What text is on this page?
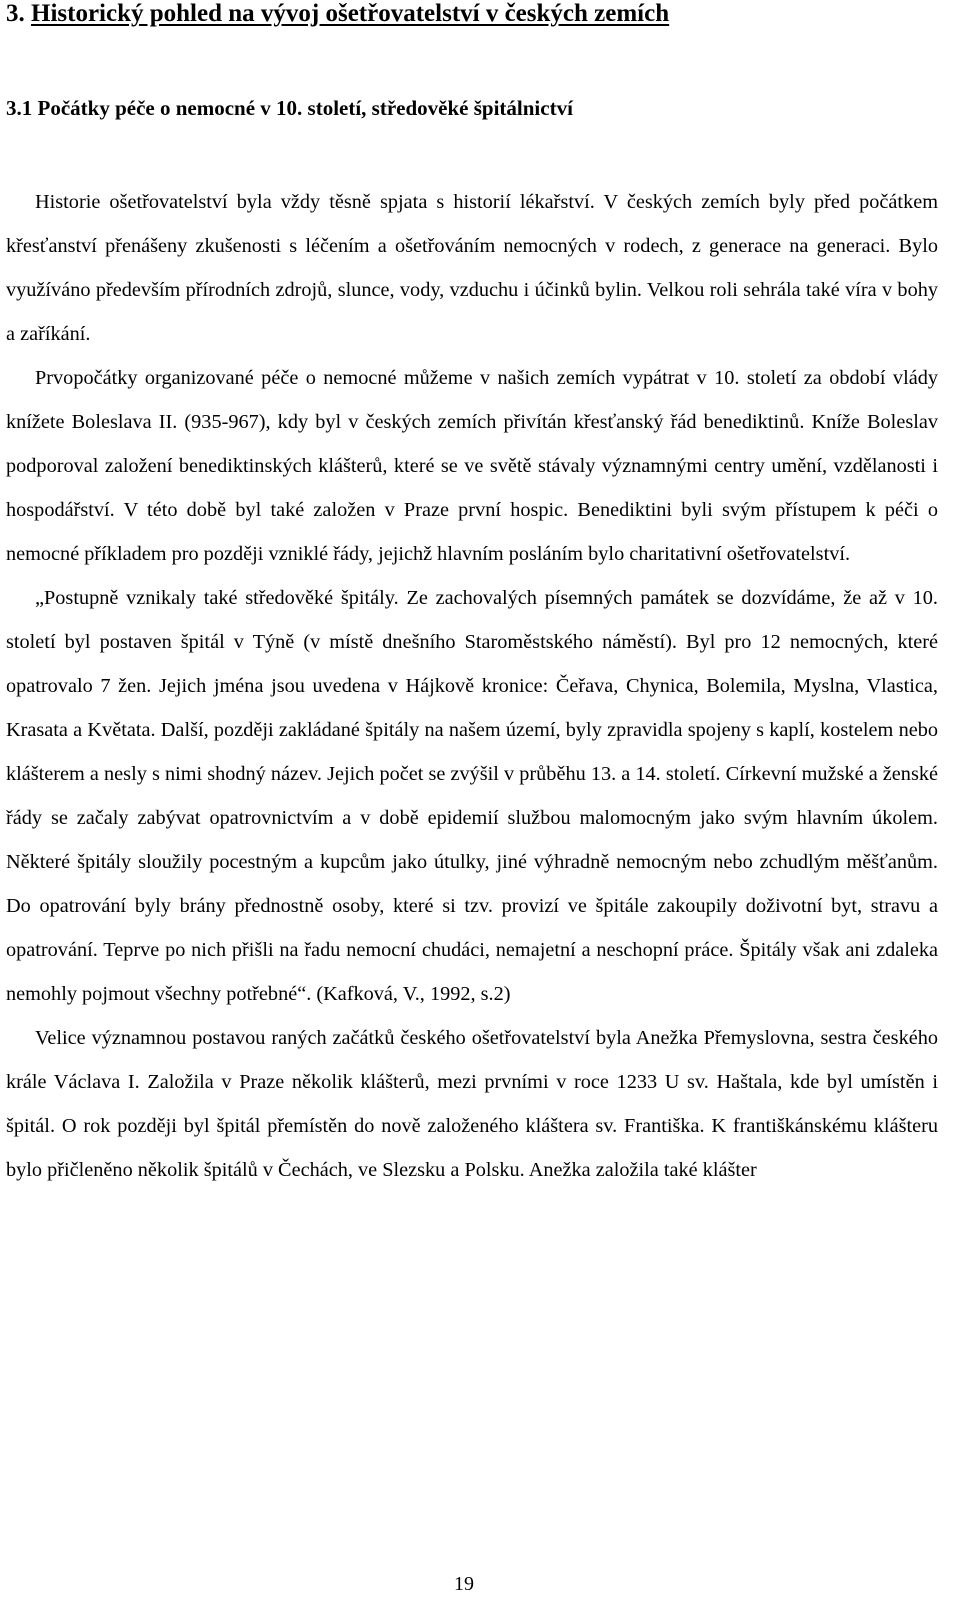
3. Historický pohled na vývoj ošetřovatelství v českých zemích
3.1 Počátky péče o nemocné v 10. století, středověké špitálnictví

Historie ošetřovatelství byla vždy těsně spjata s historií lékařství. V českých zemích byly před počátkem křesťanství přenášeny zkušenosti s léčením a ošetřováním nemocných v rodech, z generace na generaci. Bylo využíváno především přírodních zdrojů, slunce, vody, vzduchu i účinků bylin. Velkou roli sehrála také víra v bohy a zaříkání.

Prvopočátky organizované péče o nemocné můžeme v našich zemích vypátrat v 10. století za období vlády knížete Boleslava II. (935-967), kdy byl v českých zemích přivítán křesťanský řád benediktinů. Kníže Boleslav podporoval založení benediktinských klášterů, které se ve světě stávaly významnými centry umění, vzdělanosti i hospodářství. V této době byl také založen v Praze první hospic. Benediktini byli svým přístupem k péči o nemocné příkladem pro později vzniklé řády, jejichž hlavním posláním bylo charitativní ošetřovatelství.

„Postupně vznikaly také středověké špitály. Ze zachovalých písemných památek se dozvídáme, že až v 10. století byl postaven špitál v Týně (v místě dnešního Staroměstského náměstí). Byl pro 12 nemocných, které opatrovalo 7 žen. Jejich jména jsou uvedena v Hájkově kronice: Čeřava, Chynica, Bolemila, Myslna, Vlastica, Krasata a Květata. Další, později zakládané špitály na našem území, byly zpravidla spojeny s kaplí, kostelem nebo klášterem a nesly s nimi shodný název. Jejich počet se zvýšil v průběhu 13. a 14. století. Církevní mužské a ženské řády se začaly zabývat opatrovnictvím a v době epidemií službou malomocným jako svým hlavním úkolem. Některé špitály sloužily pocestným a kupcům jako útulky, jiné výhradně nemocným nebo zchudlým měšťanům. Do opatrování byly brány přednostně osoby, které si tzv. provizí ve špitále zakoupily doživotní byt, stravu a opatrování. Teprve po nich přišli na řadu nemocní chudáci, nemajetní a neschopní práce. Špitály však ani zdaleka nemohly pojmout všechny potřebné“. (Kafková, V., 1992, s.2)

Velice významnou postavou raných začátků českého ošetřovatelství byla Anežka Přemyslovna, sestra českého krále Václava I. Založila v Praze několik klášterů, mezi prvními v roce 1233 U sv. Haštala, kde byl umístěn i špitál. O rok později byl špitál přemístěn do nově založeného kláštera sv. Františka. K františkánskému klášteru bylo přičleněno několik špitálů v Čechách, ve Slezsku a Polsku. Anežka založila také klášter

19
